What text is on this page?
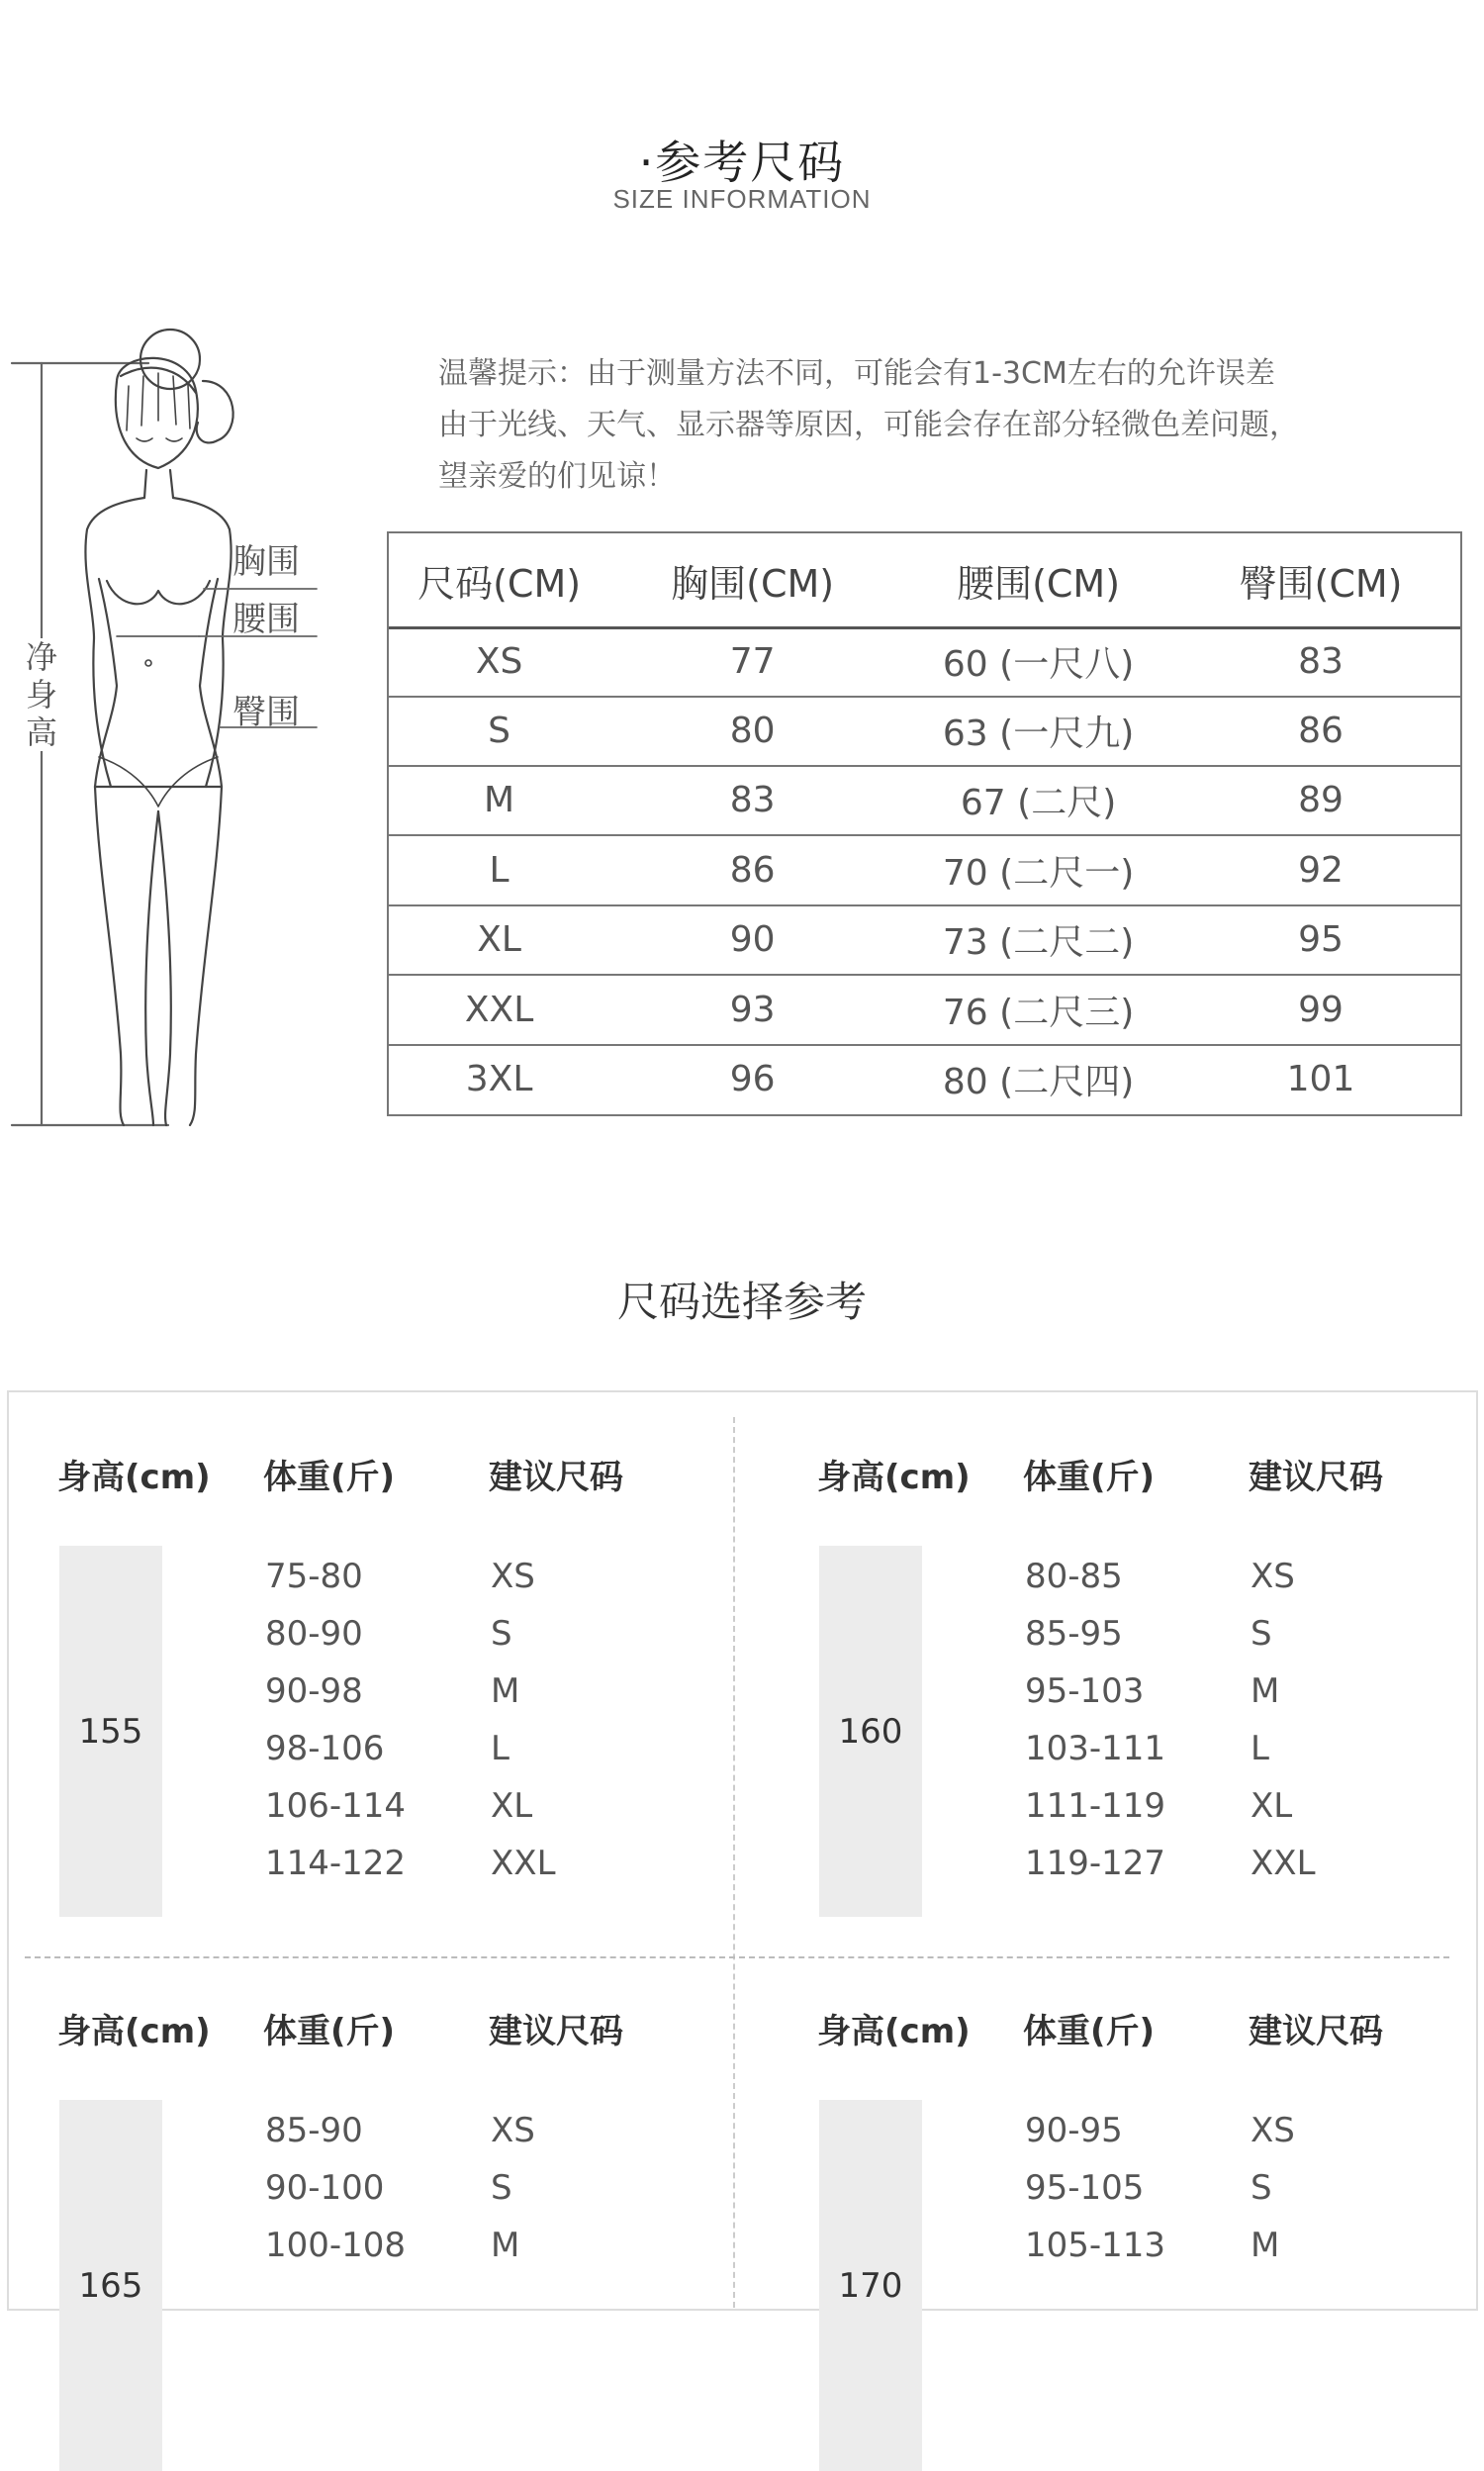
·参考尺码
SIZE INFORMATION
胸围
腰围
臀围
净身高
温馨提示：由于测量方法不同，可能会有1-3CM左右的允许误差
由于光线、天气、显示器等原因，可能会存在部分轻微色差问题，
望亲爱的们见谅！
尺码(CM)	胸围(CM)	腰围(CM)	臀围(CM)
XS	77	60 (一尺八)	83
S	80	63 (一尺九)	86
M	83	67 (二尺)	89
L	86	70 (二尺一)	92
XL	90	73 (二尺二)	95
XXL	93	76 (二尺三)	99
3XL	96	80 (二尺四)	101
尺码选择参考
身高(cm) 体重(斤)	建议尺码
155
75-80	XS
80-90	S
90-98	M
98-106	L
106-114	XL
114-122	XXL
身高(cm) 体重(斤)	建议尺码
160
80-85	XS
85-95	S
95-103	M
103-111	L
111-119	XL
119-127	XXL
身高(cm) 体重(斤)	建议尺码
165
85-90	XS
90-100	S
100-108	M
身高(cm) 体重(斤)	建议尺码
170
90-95	XS
95-105	S
105-113	M
